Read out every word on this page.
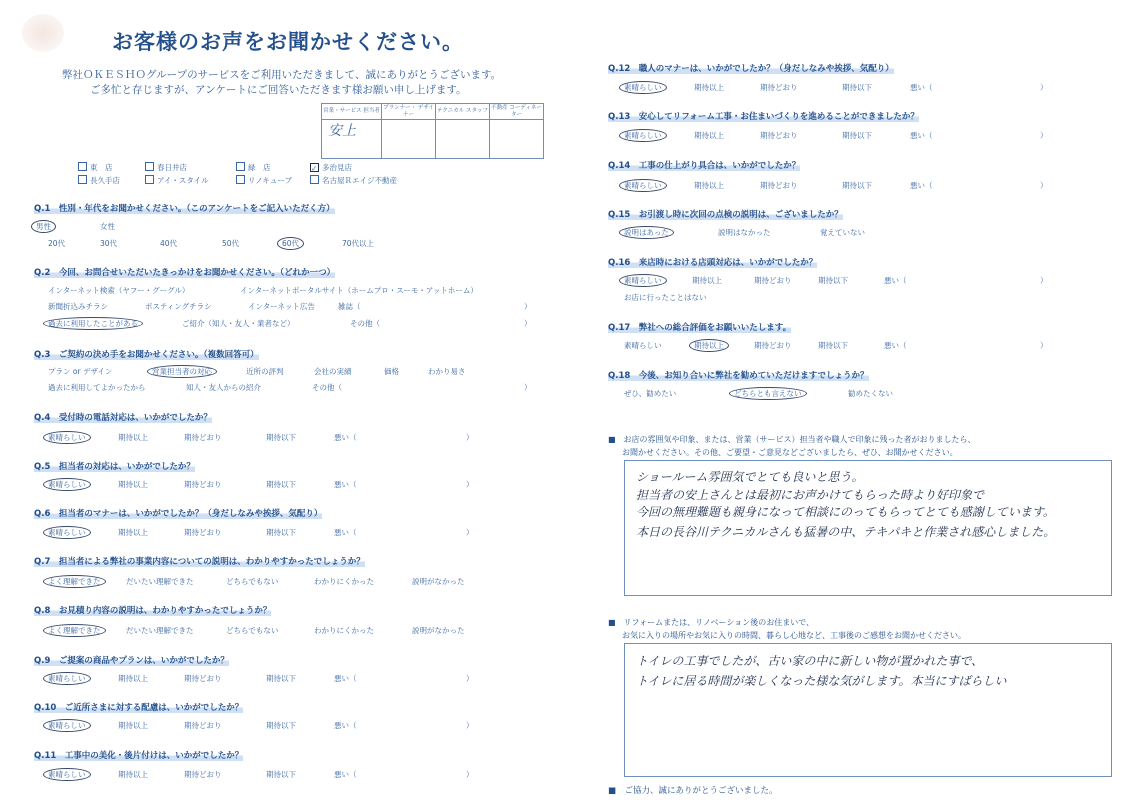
お客様のお声をお聞かせください。
弊社ＯＫＥＳＨＯグループのサービスをご利用いただきまして、誠にありがとうございます。
ご多忙と存じますが、アンケートにご回答いただきます様お願い申し上げます。
営業・サービス 担当者	プランナー・ デザイナー	テクニカル スタッフ	不動産 コーディネーター
安上			
東　店	春日井店	緑　店	✓ 多治見店
長久手店	アイ・スタイル	リノキューブ	名古屋Ｒエイジ不動産
Q.1　性別・年代をお聞かせください。（このアンケートをご記入いただく方）
男性	女性
20代	30代	40代	50代	60代	70代以上
Q.2　今回、お問合せいただいたきっかけをお聞かせください。（どれか一つ）
インターネット検索（ヤフー・グーグル）	インターネットポータルサイト（ホームプロ・スーモ・アットホーム）
新聞折込みチラシ	ポスティングチラシ	インターネット広告	雑誌（	）
過去に利用したことがある	ご紹介（知人・友人・業者など）	その他（	）
Q.3　ご契約の決め手をお聞かせください。（複数回答可）
プラン or デザイン	営業担当者の対応	近所の評判	会社の実績	価格	わかり易さ
過去に利用してよかったから	知人・友人からの紹介	その他（	）
Q.4　受付時の電話対応は、いかがでしたか？
素晴らしい	期待以上	期待どおり	期待以下	悪い（	）
Q.5　担当者の対応は、いかがでしたか？
素晴らしい	期待以上	期待どおり	期待以下	悪い（	）
Q.6　担当者のマナーは、いかがでしたか？（身だしなみや挨拶、気配り）
素晴らしい	期待以上	期待どおり	期待以下	悪い（	）
Q.7　担当者による弊社の事業内容についての説明は、わかりやすかったでしょうか？
よく理解できた	だいたい理解できた	どちらでもない	わかりにくかった	説明がなかった
Q.8　お見積り内容の説明は、わかりやすかったでしょうか？
よく理解できた	だいたい理解できた	どちらでもない	わかりにくかった	説明がなかった
Q.9　ご提案の商品やプランは、いかがでしたか？
素晴らしい	期待以上	期待どおり	期待以下	悪い（	）
Q.10　ご近所さまに対する配慮は、いかがでしたか？
素晴らしい	期待以上	期待どおり	期待以下	悪い（	）
Q.11　工事中の美化・後片付けは、いかがでしたか？
素晴らしい	期待以上	期待どおり	期待以下	悪い（	）
Q.12　職人のマナーは、いかがでしたか？（身だしなみや挨拶、気配り）
素晴らしい	期待以上	期待どおり	期待以下	悪い（	）
Q.13　安心してリフォーム工事・お住まいづくりを進めることができましたか？
素晴らしい	期待以上	期待どおり	期待以下	悪い（	）
Q.14　工事の仕上がり具合は、いかがでしたか？
素晴らしい	期待以上	期待どおり	期待以下	悪い（	）
Q.15　お引渡し時に次回の点検の説明は、ございましたか？
説明はあった	説明はなかった	覚えていない
Q.16　来店時における店頭対応は、いかがでしたか？
素晴らしい	期待以上	期待どおり	期待以下	悪い（	）
お店に行ったことはない
Q.17　弊社への総合評価をお願いいたします。
素晴らしい	期待以上	期待どおり	期待以下	悪い（	）
Q.18　今後、お知り合いに弊社を勧めていただけますでしょうか？
ぜひ、勧めたい	どちらとも言えない	勧めたくない
■　お店の雰囲気や印象、または、営業（サービス）担当者や職人で印象に残った者がおりましたら、
お聞かせください。その他、ご要望・ご意見などございましたら、ぜひ、お聞かせください。
ショールーム雰囲気でとても良いと思う。
担当者の安上さんとは最初にお声かけてもらった時より好印象で
今回の無理難題も親身になって相談にのってもらってとても感謝しています。
本日の長谷川テクニカルさんも猛暑の中、テキパキと作業され感心しました。
■　リフォームまたは、リノベーション後のお住まいで、
お気に入りの場所やお気に入りの時間、暮らし心地など、工事後のご感想をお聞かせください。
トイレの工事でしたが、古い家の中に新しい物が置かれた事で、
トイレに居る時間が楽しくなった様な気がします。本当にすばらしい
■　ご協力、誠にありがとうございました。
